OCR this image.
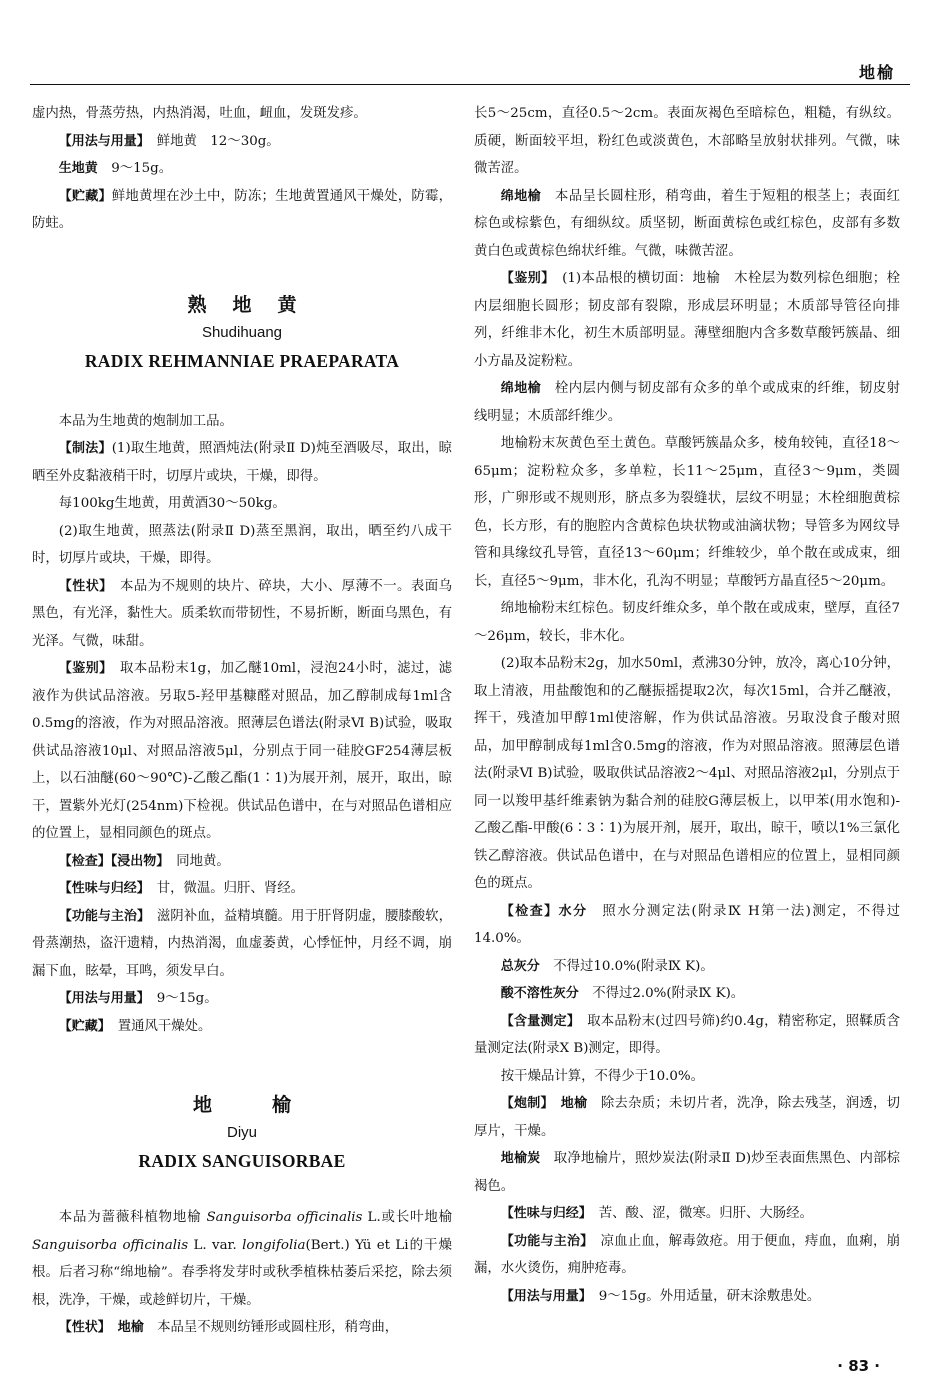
地榆

虚内热，骨蒸劳热，内热消渴，吐血，衄血，发斑发疹。

【用法与用量】　 鲜地黄　12～30g。

生地黄　 9～15g。

【贮藏】鲜地黄埋在沙土中，防冻；生地黄置通风干燥处，防霉，防蛀。

熟地黄
Shudihuang
RADIX REHMANNIAE PRAEPARATA

本品为生地黄的炮制加工品。

【制法】(1)取生地黄，照酒炖法(附录Ⅱ D)炖至酒吸尽，取出，晾晒至外皮黏液稍干时，切厚片或块，干燥，即得。

每100kg生地黄，用黄酒30～50kg。

(2)取生地黄，照蒸法(附录Ⅱ D)蒸至黑润，取出，晒至约八成干时，切厚片或块，干燥，即得。

【性状】　 本品为不规则的块片、碎块，大小、厚薄不一。表面乌黑色，有光泽，黏性大。质柔软而带韧性，不易折断，断面乌黑色，有光泽。气微，味甜。

【鉴别】　 取本品粉末1g，加乙醚10ml，浸泡24小时，滤过，滤液作为供试品溶液。另取5-羟甲基糠醛对照品，加乙醇制成每1ml含0.5mg的溶液，作为对照品溶液。照薄层色谱法(附录Ⅵ B)试验，吸取供试品溶液10μl、对照品溶液5μl，分别点于同一硅胶GF254薄层板上，以石油醚(60～90℃)-乙酸乙酯(1∶1)为展开剂，展开，取出，晾干，置紫外光灯(254nm)下检视。供试品色谱中，在与对照品色谱相应的位置上，显相同颜色的斑点。

【检查】【浸出物】　 同地黄。

【性味与归经】　 甘，微温。归肝、肾经。

【功能与主治】　 滋阴补血，益精填髓。用于肝肾阴虚，腰膝酸软，骨蒸潮热，盗汗遗精，内热消渴，血虚萎黄，心悸怔忡，月经不调，崩漏下血，眩晕，耳鸣，须发早白。

【用法与用量】　 9～15g。

【贮藏】　 置通风干燥处。

地榆
Diyu
RADIX SANGUISORBAE

本品为蔷薇科植物地榆 Sanguisorba officinalis L.或长叶地榆 Sanguisorba officinalis L. var. longifolia(Bert.) Yü et Li的干燥根。后者习称“绵地榆”。春季将发芽时或秋季植株枯萎后采挖，除去须根，洗净，干燥，或趁鲜切片，干燥。

【性状】　 地榆　 本品呈不规则纺锤形或圆柱形，稍弯曲，

长5～25cm，直径0.5～2cm。表面灰褐色至暗棕色，粗糙，有纵纹。质硬，断面较平坦，粉红色或淡黄色，木部略呈放射状排列。气微，味微苦涩。

绵地榆　 本品呈长圆柱形，稍弯曲，着生于短粗的根茎上；表面红棕色或棕紫色，有细纵纹。质坚韧，断面黄棕色或红棕色，皮部有多数黄白色或黄棕色绵状纤维。气微，味微苦涩。

【鉴别】　 (1)本品根的横切面：地榆　 木栓层为数列棕色细胞；栓内层细胞长圆形；韧皮部有裂隙，形成层环明显；木质部导管径向排列，纤维非木化，初生木质部明显。薄壁细胞内含多数草酸钙簇晶、细小方晶及淀粉粒。

绵地榆　 栓内层内侧与韧皮部有众多的单个或成束的纤维，韧皮射线明显；木质部纤维少。

地榆粉末灰黄色至土黄色。草酸钙簇晶众多，棱角较钝，直径18～65μm；淀粉粒众多，多单粒，长11～25μm，直径3～9μm，类圆形，广卵形或不规则形，脐点多为裂缝状，层纹不明显；木栓细胞黄棕色，长方形，有的胞腔内含黄棕色块状物或油滴状物；导管多为网纹导管和具缘纹孔导管，直径13～60μm；纤维较少，单个散在或成束，细长，直径5～9μm，非木化，孔沟不明显；草酸钙方晶直径5～20μm。

绵地榆粉末红棕色。韧皮纤维众多，单个散在或成束，壁厚，直径7～26μm，较长，非木化。

(2)取本品粉末2g，加水50ml，煮沸30分钟，放冷，离心10分钟，取上清液，用盐酸饱和的乙醚振摇提取2次，每次15ml，合并乙醚液，挥干，残渣加甲醇1ml使溶解，作为供试品溶液。另取没食子酸对照品，加甲醇制成每1ml含0.5mg的溶液，作为对照品溶液。照薄层色谱法(附录Ⅵ B)试验，吸取供试品溶液2～4μl、对照品溶液2μl，分别点于同一以羧甲基纤维素钠为黏合剂的硅胶G薄层板上，以甲苯(用水饱和)-乙酸乙酯-甲酸(6∶3∶1)为展开剂，展开，取出，晾干，喷以1%三氯化铁乙醇溶液。供试品色谱中，在与对照品色谱相应的位置上，显相同颜色的斑点。

【检查】水分　 照水分测定法(附录Ⅸ H第一法)测定，不得过14.0%。

总灰分　 不得过10.0%(附录Ⅸ K)。

酸不溶性灰分　 不得过2.0%(附录Ⅸ K)。

【含量测定】　 取本品粉末(过四号筛)约0.4g，精密称定，照鞣质含量测定法(附录Ⅹ B)测定，即得。

按干燥品计算，不得少于10.0%。

【炮制】　 地榆　 除去杂质；未切片者，洗净，除去残茎，润透，切厚片，干燥。

地榆炭　 取净地榆片，照炒炭法(附录Ⅱ D)炒至表面焦黑色、内部棕褐色。

【性味与归经】　 苦、酸、涩，微寒。归肝、大肠经。

【功能与主治】　 凉血止血，解毒敛疮。用于便血，痔血，血痢，崩漏，水火烫伤，痈肿疮毒。

【用法与用量】　 9～15g。外用适量，研末涂敷患处。

· 83 ·
